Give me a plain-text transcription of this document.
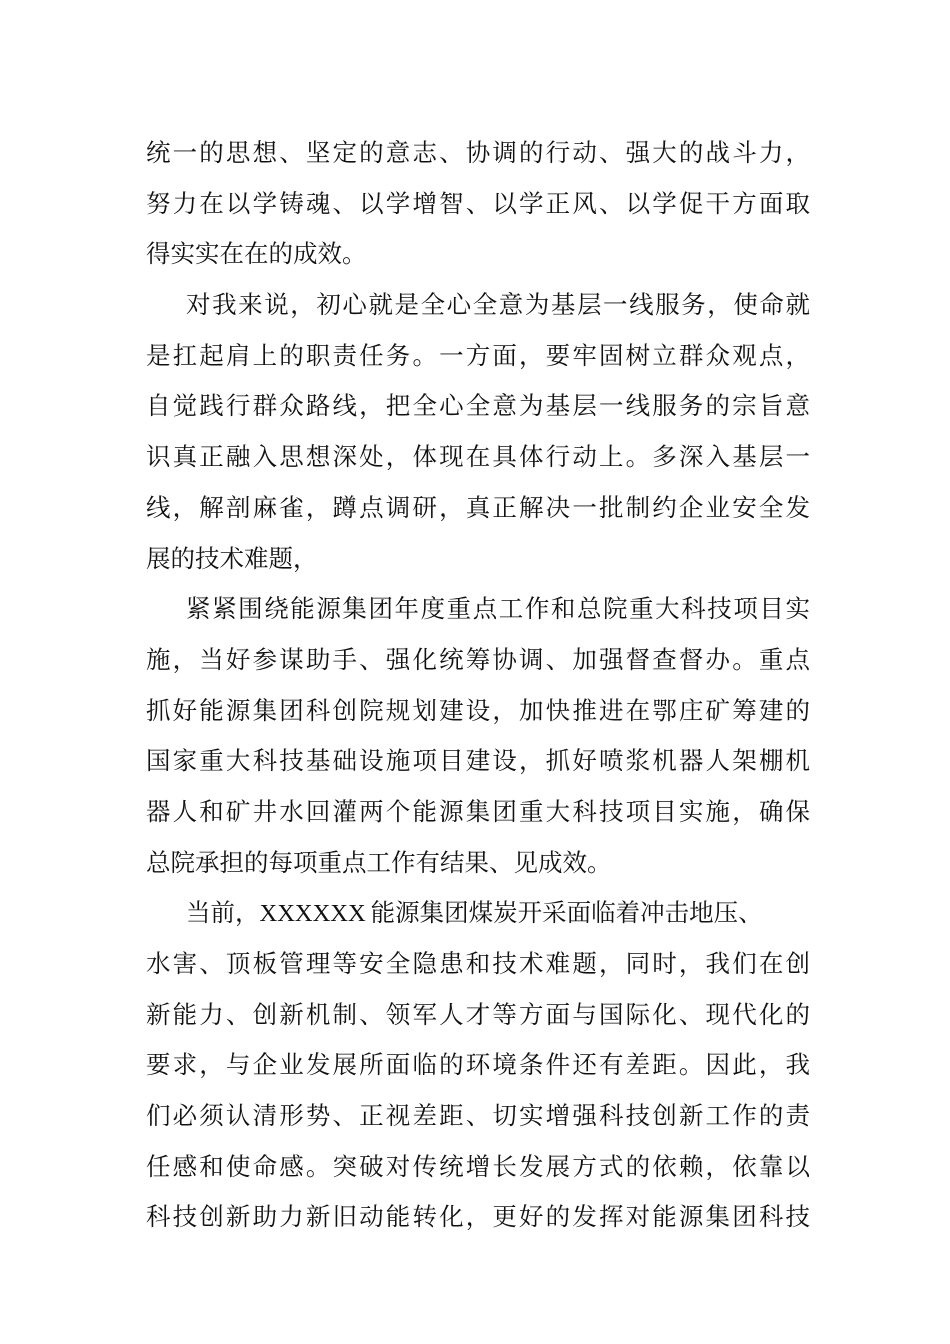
统一的思想、坚定的意志、协调的行动、强大的战斗力，
努力在以学铸魂、以学增智、以学正风、以学促干方面取
得实实在在的成效。
对我来说，初心就是全心全意为基层一线服务，使命就
是扛起肩上的职责任务。一方面，要牢固树立群众观点，
自觉践行群众路线，把全心全意为基层一线服务的宗旨意
识真正融入思想深处，体现在具体行动上。多深入基层一
线，解剖麻雀，蹲点调研，真正解决一批制约企业安全发
展的技术难题，
紧紧围绕能源集团年度重点工作和总院重大科技项目实
施，当好参谋助手、强化统筹协调、加强督查督办。重点
抓好能源集团科创院规划建设，加快推进在鄂庄矿筹建的
国家重大科技基础设施项目建设，抓好喷浆机器人架棚机
器人和矿井水回灌两个能源集团重大科技项目实施，确保
总院承担的每项重点工作有结果、见成效。
当前，XXXXXX  能源集团煤炭开采面临着冲击地压、
水害、顶板管理等安全隐患和技术难题，同时，我们在创
新能力、创新机制、领军人才等方面与国际化、现代化的
要求，与企业发展所面临的环境条件还有差距。因此，我
们必须认清形势、正视差距、切实增强科技创新工作的责
任感和使命感。突破对传统增长发展方式的依赖，依靠以
科技创新助力新旧动能转化，更好的发挥对能源集团科技
